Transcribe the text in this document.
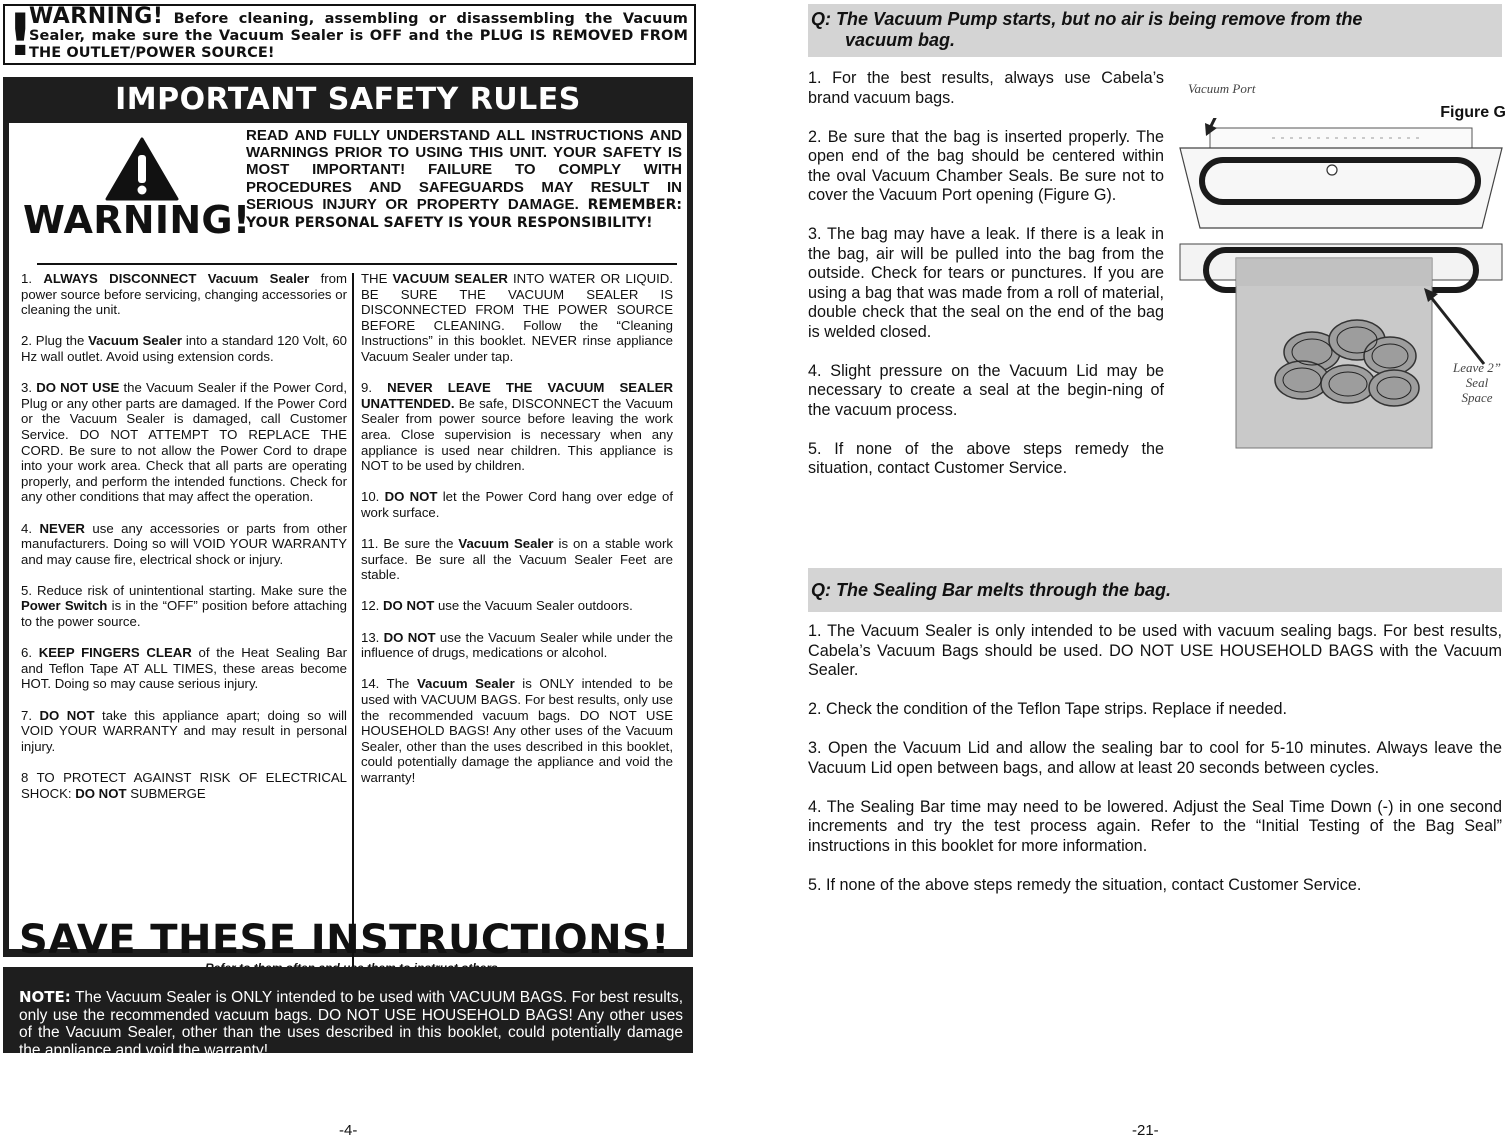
!
WARNING! Before cleaning, assembling or disassembling the Vacuum Sealer, make sure the Vacuum Sealer is OFF and the PLUG IS REMOVED FROM THE OUTLET/POWER SOURCE!
IMPORTANT SAFETY RULES
WARNING!
READ AND FULLY UNDERSTAND ALL INSTRUCTIONS AND WARNINGS PRIOR TO USING THIS UNIT. YOUR SAFETY IS MOST IMPORTANT! FAILURE TO COMPLY WITH PROCEDURES AND SAFEGUARDS MAY RESULT IN SERIOUS INJURY OR PROPERTY DAMAGE. REMEMBER: YOUR PERSONAL SAFETY IS YOUR RESPONSIBILITY!

1. ALWAYS DISCONNECT Vacuum Sealer from power source before servicing, changing accessories or cleaning the unit.

2. Plug the Vacuum Sealer into a standard 120 Volt, 60 Hz wall outlet. Avoid using extension cords.

3. DO NOT USE the Vacuum Sealer if the Power Cord, Plug or any other parts are damaged. If the Power Cord or the Vacuum Sealer is damaged, call Customer Service. DO NOT ATTEMPT TO REPLACE THE CORD. Be sure to not allow the Power Cord to drape into your work area. Check that all parts are operating properly, and perform the intended functions. Check for any other conditions that may affect the operation.

4. NEVER use any accessories or parts from other manufacturers. Doing so will VOID YOUR WARRANTY and may cause fire, electrical shock or injury.

5. Reduce risk of unintentional starting. Make sure the Power Switch is in the “OFF” position before attaching to the power source.

6. KEEP FINGERS CLEAR of the Heat Sealing Bar and Teflon Tape AT ALL TIMES, these areas become HOT. Doing so may cause serious injury.

7. DO NOT take this appliance apart; doing so will VOID YOUR WARRANTY and may result in personal injury.

8 TO PROTECT AGAINST RISK OF ELECTRICAL SHOCK: DO NOT SUBMERGE

THE VACUUM SEALER INTO WATER OR LIQUID. BE SURE THE VACUUM SEALER IS DISCONNECTED FROM THE POWER SOURCE BEFORE CLEANING. Follow the “Cleaning Instructions” in this booklet. NEVER rinse appliance Vacuum Sealer under tap.

9. NEVER LEAVE THE VACUUM SEALER UNATTENDED. Be safe, DISCONNECT the Vacuum Sealer from power source before leaving the work area. Close supervision is necessary when any appliance is used near children. This appliance is NOT to be used by children.

10. DO NOT let the Power Cord hang over edge of work surface.

11. Be sure the Vacuum Sealer is on a stable work surface. Be sure all the Vacuum Sealer Feet are stable.

12. DO NOT use the Vacuum Sealer outdoors.

13. DO NOT use the Vacuum Sealer while under the influence of drugs, medications or alcohol.

14. The Vacuum Sealer is ONLY intended to be used with VACUUM BAGS. For best results, only use the recommended vacuum bags. DO NOT USE HOUSEHOLD BAGS! Any other uses of the Vacuum Sealer, other than the uses described in this booklet, could potentially damage the appliance and void the warranty!

SAVE THESE INSTRUCTIONS!
NOTE: The Vacuum Sealer is ONLY intended to be used with VACUUM BAGS. For best results, only use the recommended vacuum bags. DO NOT USE HOUSEHOLD BAGS! Any other uses of the Vacuum Sealer, other than the uses described in this booklet, could potentially damage the appliance and void the warranty!
-4-
Q: The Vacuum Pump starts, but no air is being remove from the
vacuum bag.

1. For the best results, always use Cabela’s brand vacuum bags.

2. Be sure that the bag is inserted properly. The open end of the bag should be centered within the oval Vacuum Chamber Seals. Be sure not to cover the Vacuum Port opening (Figure G).

3. The bag may have a leak. If there is a leak in the bag, air will be pulled into the bag from the outside. Check for tears or punctures. If you are using a bag that was made from a roll of material, double check that the seal on the end of the bag is welded closed.

4. Slight pressure on the Vacuum Lid may be necessary to create a seal at the begin-ning of the vacuum process.

5. If none of the above steps remedy the situation, contact Customer Service.

Vacuum Port
Figure G
Leave 2”
Seal
Space
Q: The Sealing Bar melts through the bag.

1. The Vacuum Sealer is only intended to be used with vacuum sealing bags. For best results, Cabela’s Vacuum Bags should be used. DO NOT USE HOUSEHOLD BAGS with the Vacuum Sealer.

2. Check the condition of the Teflon Tape strips. Replace if needed.

3. Open the Vacuum Lid and allow the sealing bar to cool for 5-10 minutes. Always leave the Vacuum Lid open between bags, and allow at least 20 seconds between cycles.

4. The Sealing Bar time may need to be lowered. Adjust the Seal Time Down (-) in one second increments and try the test process again. Refer to the “Initial Testing of the Bag Seal” instructions in this booklet for more information.

5. If none of the above steps remedy the situation, contact Customer Service.

-21-
